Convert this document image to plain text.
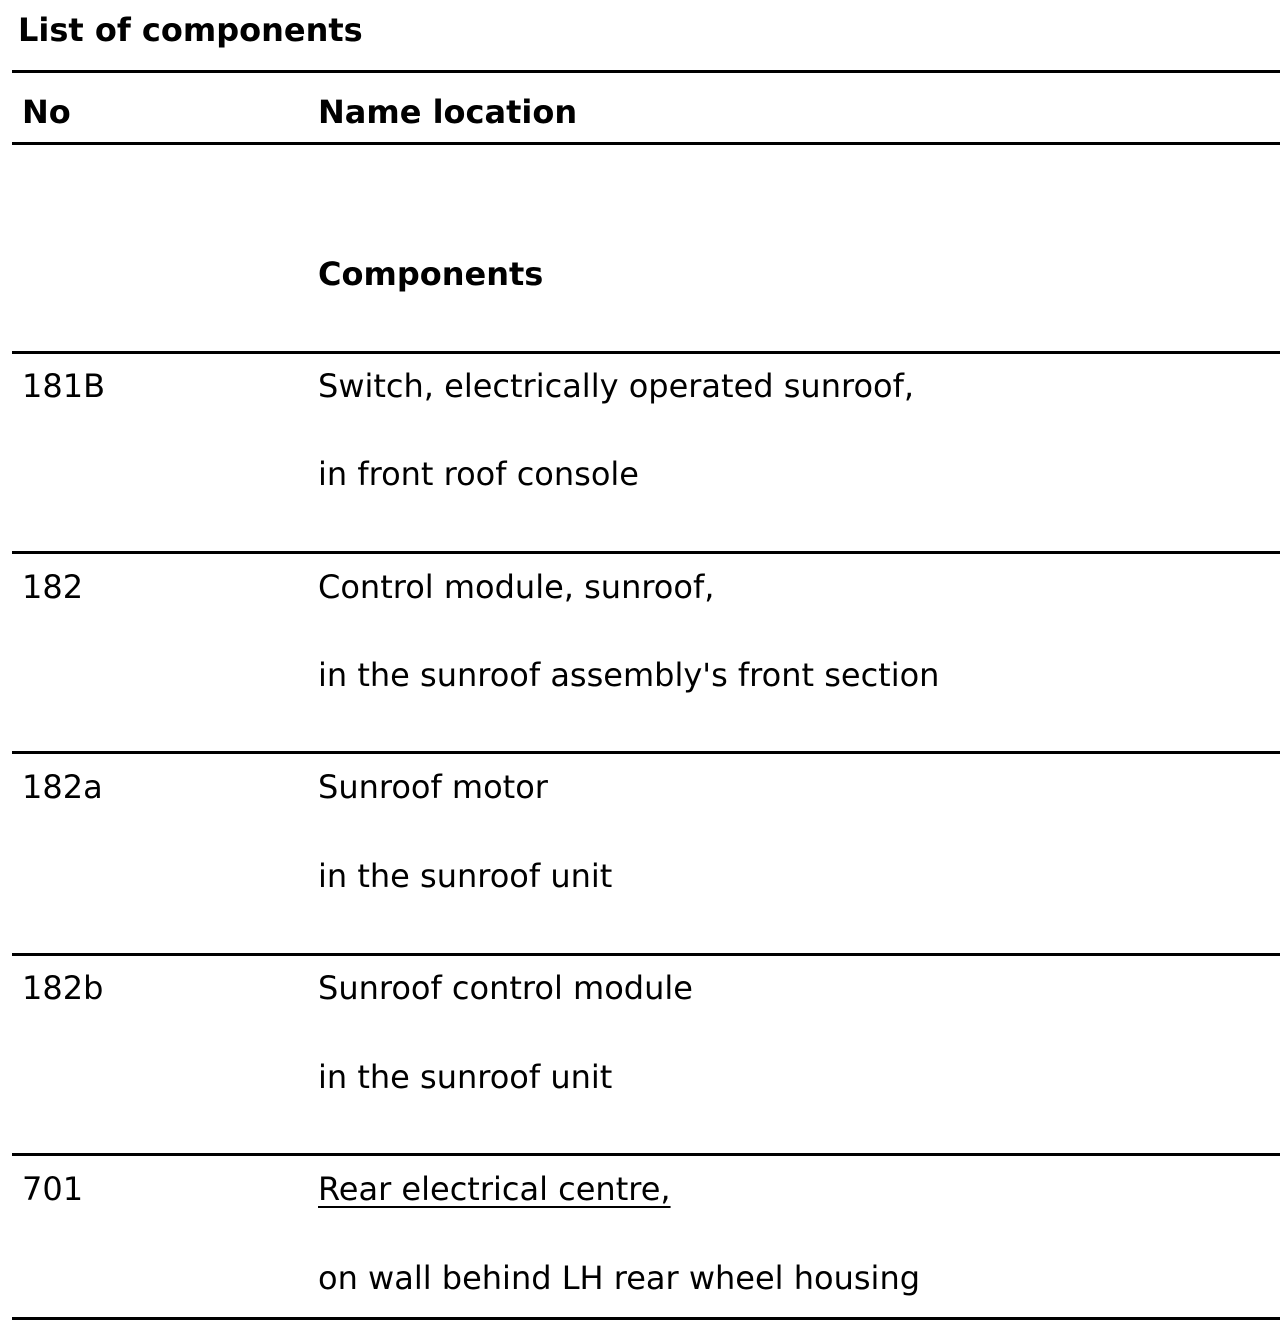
List of components
No	Name location
Components
181B	Switch, electrically operated sunroof,
in front roof console
182	Control module, sunroof,
in the sunroof assembly's front section
182a	Sunroof motor
in the sunroof unit
182b	Sunroof control module
in the sunroof unit
701	Rear electrical centre,
on wall behind LH rear wheel housing
